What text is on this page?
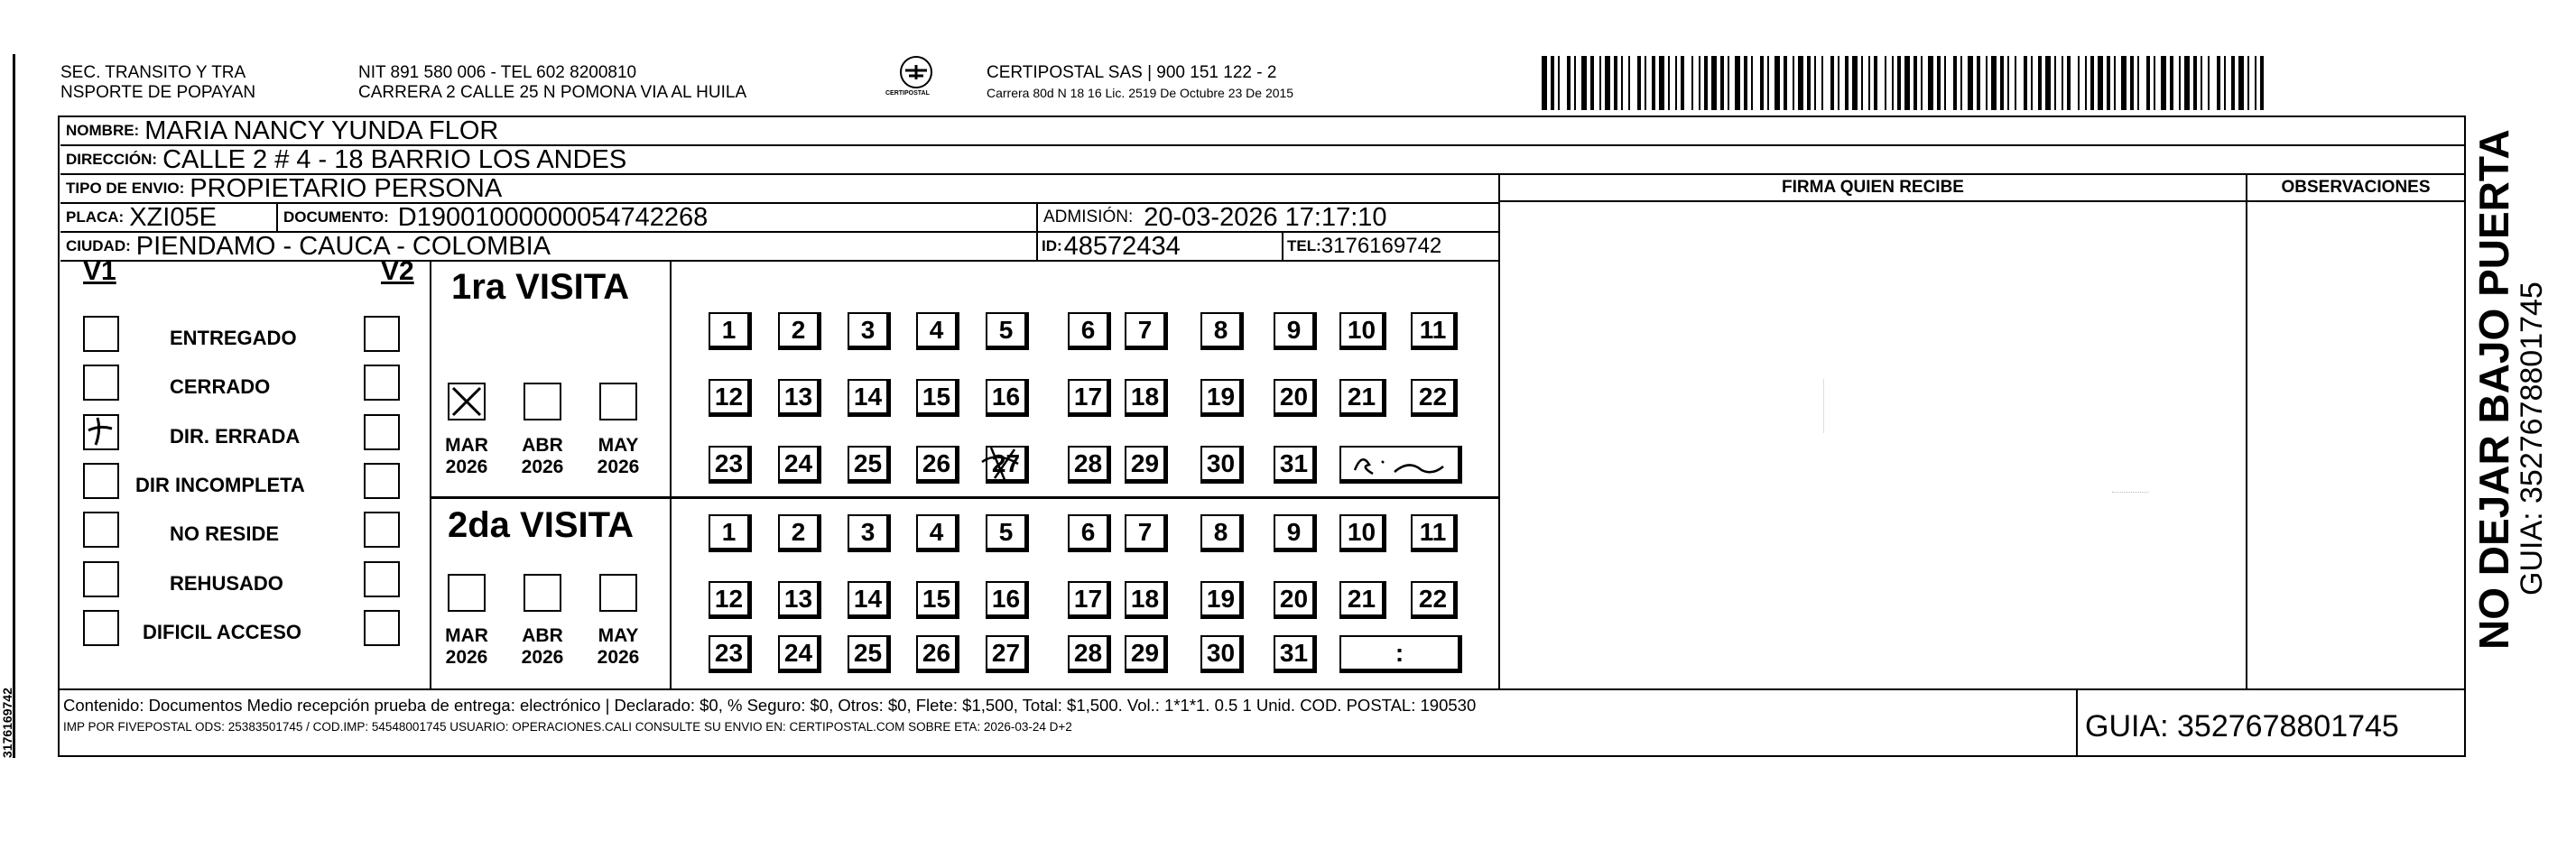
3176169742
SEC. TRANSITO Y TRA
NSPORTE DE POPAYAN
NIT 891 580 006 - TEL 602 8200810
CARRERA 2 CALLE 25 N POMONA VIA AL HUILA	CERTIPOSTAL
CERTIPOSTAL SAS | 900 151 122 - 2
Carrera 80d N 18 16 Lic. 2519 De Octubre 23 De 2015
NOMBRE: MARIA NANCY YUNDA FLOR
DIRECCIÓN: CALLE 2 # 4 - 18 BARRIO LOS ANDES
TIPO DE ENVIO: PROPIETARIO PERSONA
PLACA: XZI05E	DOCUMENTO: D19001000000054742268	ADMISIÓN: 20-03-2026 17:17:10
CIUDAD: PIENDAMO - CAUCA - COLOMBIA	ID: 48572434	TEL: 3176169742
FIRMA QUIEN RECIBE	OBSERVACIONES
V1	V2
ENTREGADO
CERRADO
DIR. ERRADA
DIR INCOMPLETA
NO RESIDE
REHUSADO
DIFICIL ACCESO
1ra VISITA
2da VISITA
MAR
2026
ABR
2026
MAY
2026
MAR
2026
ABR
2026
MAY
2026
1	2	3	4	5	6	7	8	9	10	11
12	13	14	15	16	17	18	19	20	21	22
23	24	25	26	27	28	29	30	31
1	2	3	4	5	6	7	8	9	10	11
12	13	14	15	16	17	18	19	20	21	22
23	24	25	26	27	28	29	30	31	:
Contenido: Documentos Medio recepción prueba de entrega: electrónico | Declarado: $0, % Seguro: $0, Otros: $0, Flete: $1,500, Total: $1,500. Vol.: 1*1*1. 0.5 1 Unid. COD. POSTAL: 190530
IMP POR FIVEPOSTAL ODS: 25383501745 / COD.IMP: 54548001745 USUARIO: OPERACIONES.CALI CONSULTE SU ENVIO EN: CERTIPOSTAL.COM SOBRE ETA: 2026-03-24 D+2	GUIA: 3527678801745
NO DEJAR BAJO PUERTA
GUIA: 3527678801745
